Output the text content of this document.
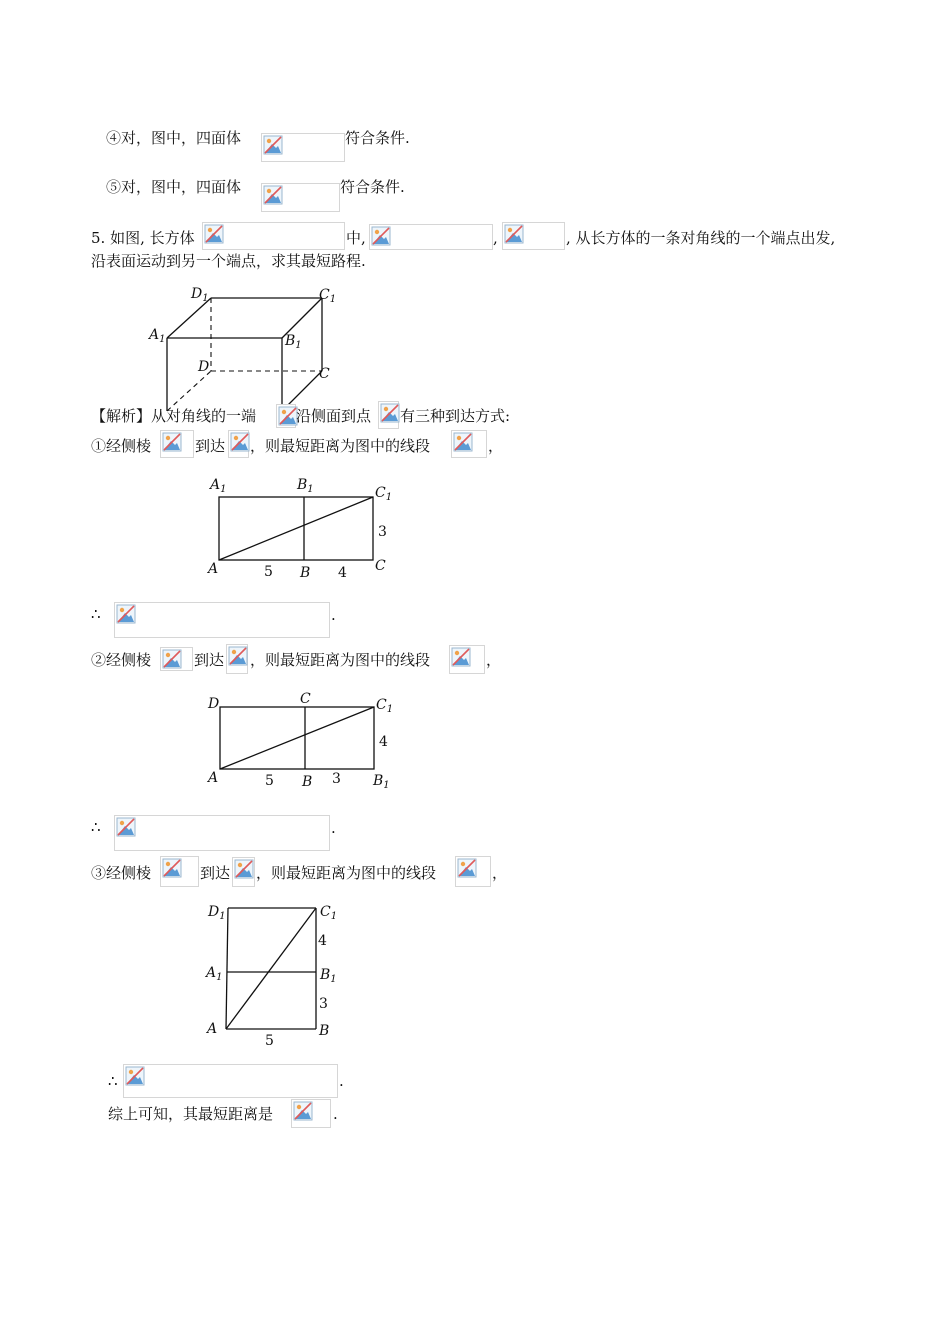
④对，图中，四面体	符合条件.
⑤对，图中，四面体	符合条件.
5. 如图, 长方体	中,	,	, 从长方体的一条对角线的一个端点出发,
沿表面运动到另一个端点，求其最短路程.
$D_1$	$C_1$
$A_1$	$B_1$
D	C
【解析】从对角线的一端	沿侧面到点 有三种到达方式:
①经侧棱	到达 ，则最短距离为图中的线段	，
$A_1$	$B_1$	$C_1$
A	B	C
5	4
3
∴	.
②经侧棱	到达 ，则最短距离为图中的线段	，
D	C	$C_1$
A	B	$B_1$
5	3
4
∴	.
③经侧棱	到达 ，则最短距离为图中的线段	，
$D_1$	$C_1$
$A_1$	$B_1$
A	B
4
3
5
∴	.
综上可知，其最短距离是	.
